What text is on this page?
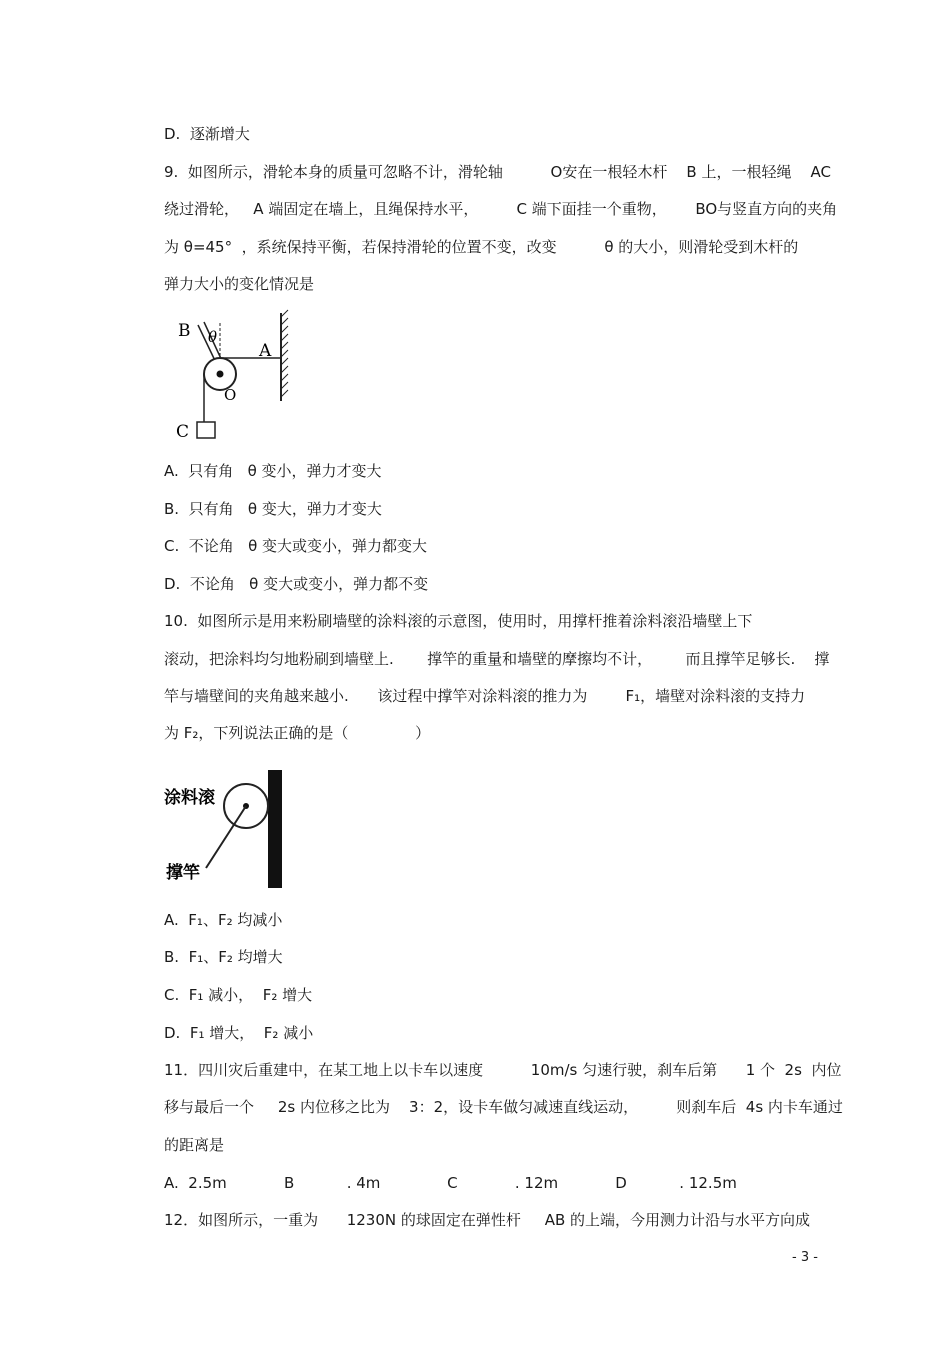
D.  逐渐增大
9.  如图所示，滑轮本身的质量可忽略不计，滑轮轴          O安在一根轻木杆    B 上，一根轻绳    AC
绕过滑轮，   A 端固定在墙上，且绳保持水平，        C 端下面挂一个重物，      BO与竖直方向的夹角
为 θ=45°  ，系统保持平衡，若保持滑轮的位置不变，改变          θ 的大小，则滑轮受到木杆的
弹力大小的变化情况是
B θ
A
O
C
A.  只有角   θ 变小，弹力才变大
B.  只有角   θ 变大，弹力才变大
C.  不论角   θ 变大或变小，弹力都变大
D.  不论角   θ 变大或变小，弹力都不变
10.  如图所示是用来粉刷墙壁的涂料滚的示意图，使用时，用撑杆推着涂料滚沿墙壁上下
滚动，把涂料均匀地粉刷到墙壁上.       撑竿的重量和墙壁的摩擦均不计，       而且撑竿足够长.    撑
竿与墙壁间的夹角越来越小.      该过程中撑竿对涂料滚的推力为        F₁，墙壁对涂料滚的支持力
为 F₂，下列说法正确的是（              ）
涂料滚
撑竿
A.  F₁、F₂ 均减小
B.  F₁、F₂ 均增大
C.  F₁ 减小，  F₂ 增大
D.  F₁ 增大，  F₂ 减小
11．四川灾后重建中，在某工地上以卡车以速度          10m/s 匀速行驶，刹车后第      1 个  2s  内位
移与最后一个     2s 内位移之比为    3：2，设卡车做匀减速直线运动，        则刹车后  4s 内卡车通过
的距离是
A.  2.5m            B           . 4m              C            . 12m            D           . 12.5m
12．如图所示，一重为      1230N 的球固定在弹性杆     AB 的上端，今用测力计沿与水平方向成
- 3 -
